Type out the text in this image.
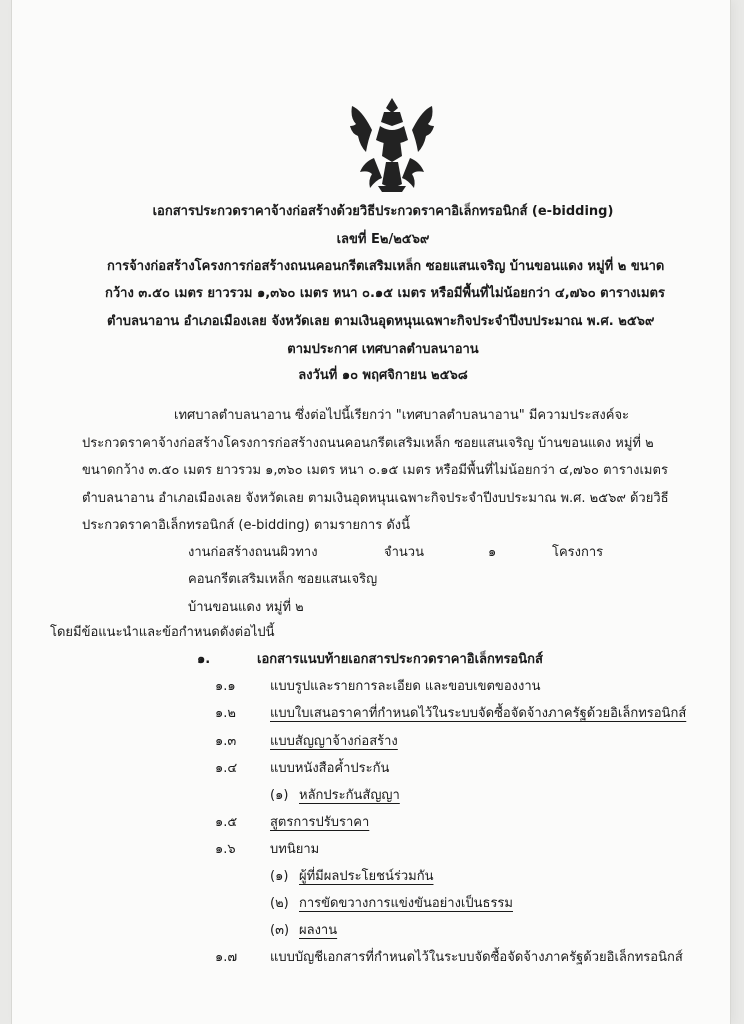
เอกสารประกวดราคาจ้างก่อสร้างด้วยวิธีประกวดราคาอิเล็กทรอนิกส์ (e-bidding)
เลขที่ E๒/๒๕๖๙
การจ้างก่อสร้างโครงการก่อสร้างถนนคอนกรีตเสริมเหล็ก ซอยแสนเจริญ บ้านขอนแดง หมู่ที่ ๒ ขนาด
กว้าง ๓.๕๐ เมตร ยาวรวม ๑,๓๖๐ เมตร หนา ๐.๑๕ เมตร หรือมีพื้นที่ไม่น้อยกว่า ๔,๗๖๐ ตารางเมตร
ตำบลนาอาน อำเภอเมืองเลย จังหวัดเลย ตามเงินอุดหนุนเฉพาะกิจประจำปีงบประมาณ พ.ศ. ๒๕๖๙
ตามประกาศ เทศบาลตำบลนาอาน
ลงวันที่ ๑๐ พฤศจิกายน ๒๕๖๘
เทศบาลตำบลนาอาน ซึ่งต่อไปนี้เรียกว่า "เทศบาลตำบลนาอาน" มีความประสงค์จะ
ประกวดราคาจ้างก่อสร้างโครงการก่อสร้างถนนคอนกรีตเสริมเหล็ก ซอยแสนเจริญ บ้านขอนแดง หมู่ที่ ๒
ขนาดกว้าง ๓.๕๐ เมตร ยาวรวม ๑,๓๖๐ เมตร หนา ๐.๑๕ เมตร หรือมีพื้นที่ไม่น้อยกว่า ๔,๗๖๐ ตารางเมตร
ตำบลนาอาน อำเภอเมืองเลย จังหวัดเลย ตามเงินอุดหนุนเฉพาะกิจประจำปีงบประมาณ พ.ศ. ๒๕๖๙ ด้วยวิธี
ประกวดราคาอิเล็กทรอนิกส์ (e-bidding) ตามรายการ ดังนี้
งานก่อสร้างถนนผิวทาง	จำนวน	๑	โครงการ
คอนกรีตเสริมเหล็ก ซอยแสนเจริญ
บ้านขอนแดง หมู่ที่ ๒
โดยมีข้อแนะนำและข้อกำหนดดังต่อไปนี้
๑.	เอกสารแนบท้ายเอกสารประกวดราคาอิเล็กทรอนิกส์
๑.๑	แบบรูปและรายการละเอียด และขอบเขตของงาน
๑.๒	แบบใบเสนอราคาที่กำหนดไว้ในระบบจัดซื้อจัดจ้างภาครัฐด้วยอิเล็กทรอนิกส์
๑.๓	แบบสัญญาจ้างก่อสร้าง
๑.๔	แบบหนังสือค้ำประกัน
(๑) หลักประกันสัญญา
๑.๕	สูตรการปรับราคา
๑.๖	บทนิยาม
(๑) ผู้ที่มีผลประโยชน์ร่วมกัน
(๒) การขัดขวางการแข่งขันอย่างเป็นธรรม
(๓) ผลงาน
๑.๗	แบบบัญชีเอกสารที่กำหนดไว้ในระบบจัดซื้อจัดจ้างภาครัฐด้วยอิเล็กทรอนิกส์
